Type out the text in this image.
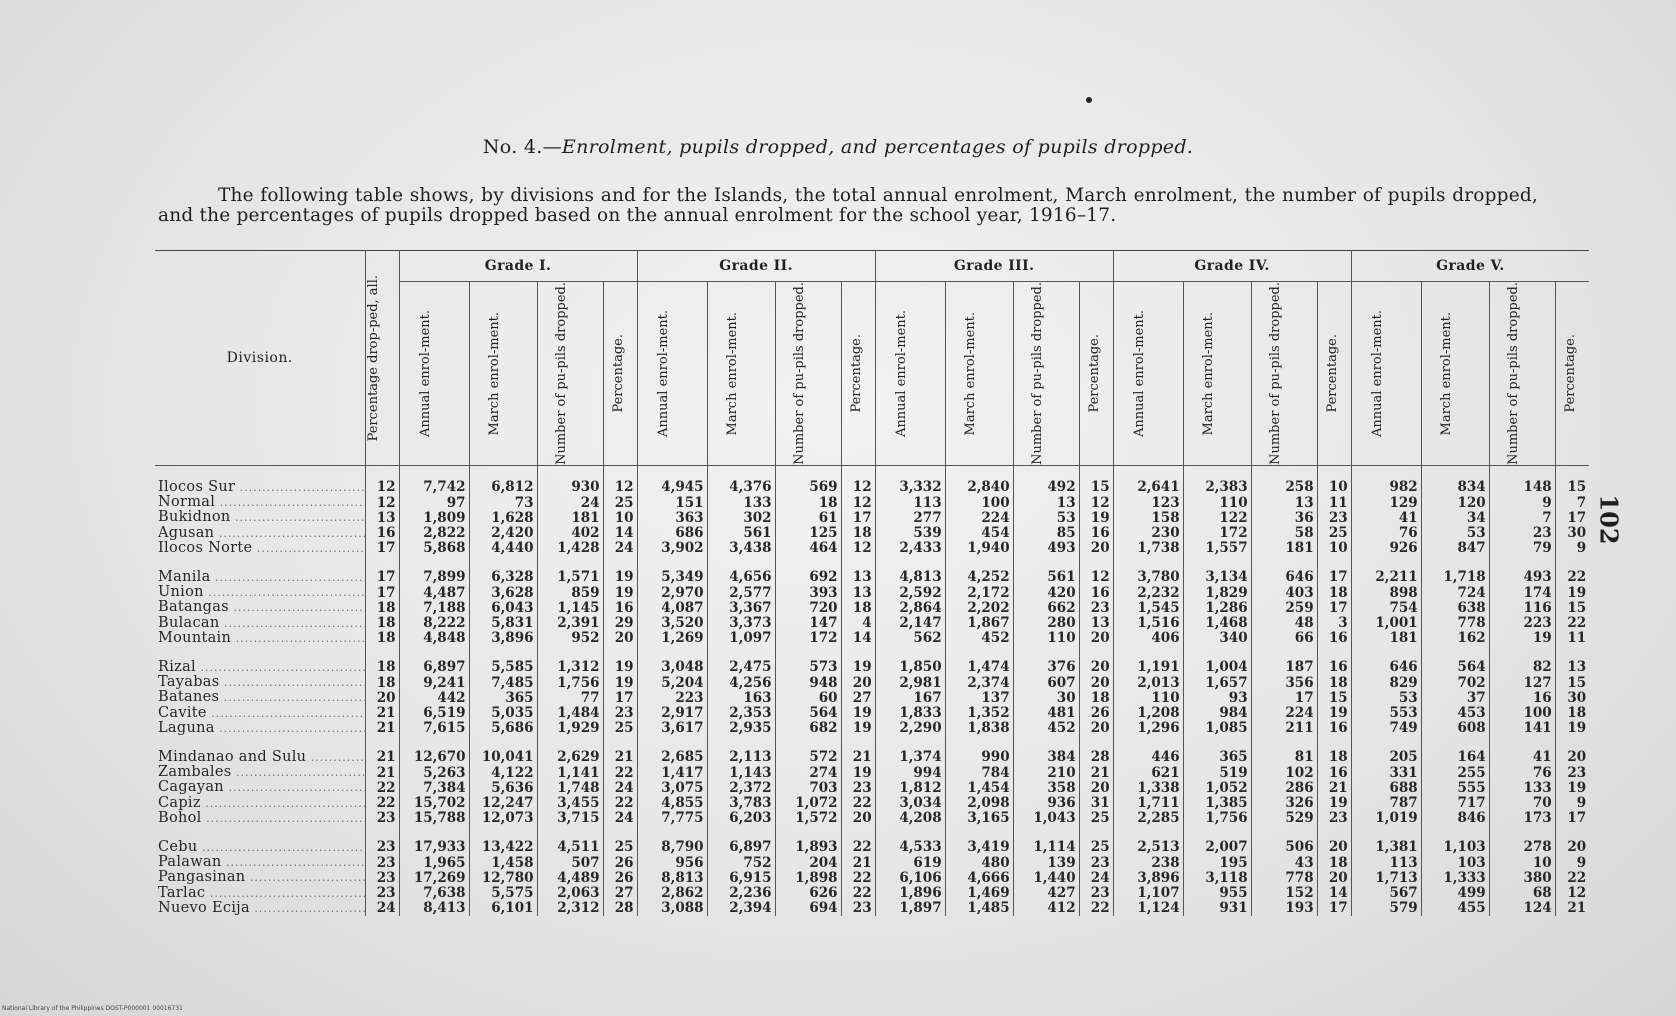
No. 4.—Enrolment, pupils dropped, and percentages of pupils dropped.

The following table shows, by divisions and for the Islands, the total annual enrolment, March enrolment, the number of pupils dropped, and the percentages of pupils dropped based on the annual enrolment for the school year, 1916–17.

Division.	Percentage drop-ped, all.	Grade I.				Grade II.				Grade III.				Grade IV.				Grade V.			

		Annual enrol-ment.	March enrol-ment.	Number of pu-pils dropped.	Percentage.	Annual enrol-ment.	March enrol-ment.	Number of pu-pils dropped.	Percentage.	Annual enrol-ment.	March enrol-ment.	Number of pu-pils dropped.	Percentage.	Annual enrol-ment.	March enrol-ment.	Number of pu-pils dropped.	Percentage.	Annual enrol-ment.	March enrol-ment.	Number of pu-pils dropped.	Percentage.

Ilocos Sur .....	12	7,742	6,812	930	12	4,945	4,376	569	12	3,332	2,840	492	15	2,641	2,383	258	10	982	834	148	15
Normal .....	12	97	73	24	25	151	133	18	12	113	100	13	12	123	110	13	11	129	120	9	7
Bukidnon .....	13	1,809	1,628	181	10	363	302	61	17	277	224	53	19	158	122	36	23	41	34	7	17
Agusan .....	16	2,822	2,420	402	14	686	561	125	18	539	454	85	16	230	172	58	25	76	53	23	30
Ilocos Norte .....	17	5,868	4,440	1,428	24	3,902	3,438	464	12	2,433	1,940	493	20	1,738	1,557	181	10	926	847	79	9

Manila .....	17	7,899	6,328	1,571	19	5,349	4,656	692	13	4,813	4,252	561	12	3,780	3,134	646	17	2,211	1,718	493	22
Union .....	17	4,487	3,628	859	19	2,970	2,577	393	13	2,592	2,172	420	16	2,232	1,829	403	18	898	724	174	19
Batangas .....	18	7,188	6,043	1,145	16	4,087	3,367	720	18	2,864	2,202	662	23	1,545	1,286	259	17	754	638	116	15
Bulacan .....	18	8,222	5,831	2,391	29	3,520	3,373	147	4	2,147	1,867	280	13	1,516	1,468	48	3	1,001	778	223	22
Mountain .....	18	4,848	3,896	952	20	1,269	1,097	172	14	562	452	110	20	406	340	66	16	181	162	19	11

Rizal .....	18	6,897	5,585	1,312	19	3,048	2,475	573	19	1,850	1,474	376	20	1,191	1,004	187	16	646	564	82	13
Tayabas .....	18	9,241	7,485	1,756	19	5,204	4,256	948	20	2,981	2,374	607	20	2,013	1,657	356	18	829	702	127	15
Batanes .....	20	442	365	77	17	223	163	60	27	167	137	30	18	110	93	17	15	53	37	16	30
Cavite .....	21	6,519	5,035	1,484	23	2,917	2,353	564	19	1,833	1,352	481	26	1,208	984	224	19	553	453	100	18
Laguna .....	21	7,615	5,686	1,929	25	3,617	2,935	682	19	2,290	1,838	452	20	1,296	1,085	211	16	749	608	141	19

Mindanao and Sulu .....	21	12,670	10,041	2,629	21	2,685	2,113	572	21	1,374	990	384	28	446	365	81	18	205	164	41	20
Zambales .....	21	5,263	4,122	1,141	22	1,417	1,143	274	19	994	784	210	21	621	519	102	16	331	255	76	23
Cagayan .....	22	7,384	5,636	1,748	24	3,075	2,372	703	23	1,812	1,454	358	20	1,338	1,052	286	21	688	555	133	19
Capiz .....	22	15,702	12,247	3,455	22	4,855	3,783	1,072	22	3,034	2,098	936	31	1,711	1,385	326	19	787	717	70	9
Bohol .....	23	15,788	12,073	3,715	24	7,775	6,203	1,572	20	4,208	3,165	1,043	25	2,285	1,756	529	23	1,019	846	173	17

Cebu .....	23	17,933	13,422	4,511	25	8,790	6,897	1,893	22	4,533	3,419	1,114	25	2,513	2,007	506	20	1,381	1,103	278	20
Palawan .....	23	1,965	1,458	507	26	956	752	204	21	619	480	139	23	238	195	43	18	113	103	10	9
Pangasinan .....	23	17,269	12,780	4,489	26	8,813	6,915	1,898	22	6,106	4,666	1,440	24	3,896	3,118	778	20	1,713	1,333	380	22
Tarlac .....	23	7,638	5,575	2,063	27	2,862	2,236	626	22	1,896	1,469	427	23	1,107	955	152	14	567	499	68	12
Nuevo Ecija .....	24	8,413	6,101	2,312	28	3,088	2,394	694	23	1,897	1,485	412	22	1,124	931	193	17	579	455	124	21
102
National Library of the Philippines DOST-P000001 00016731
